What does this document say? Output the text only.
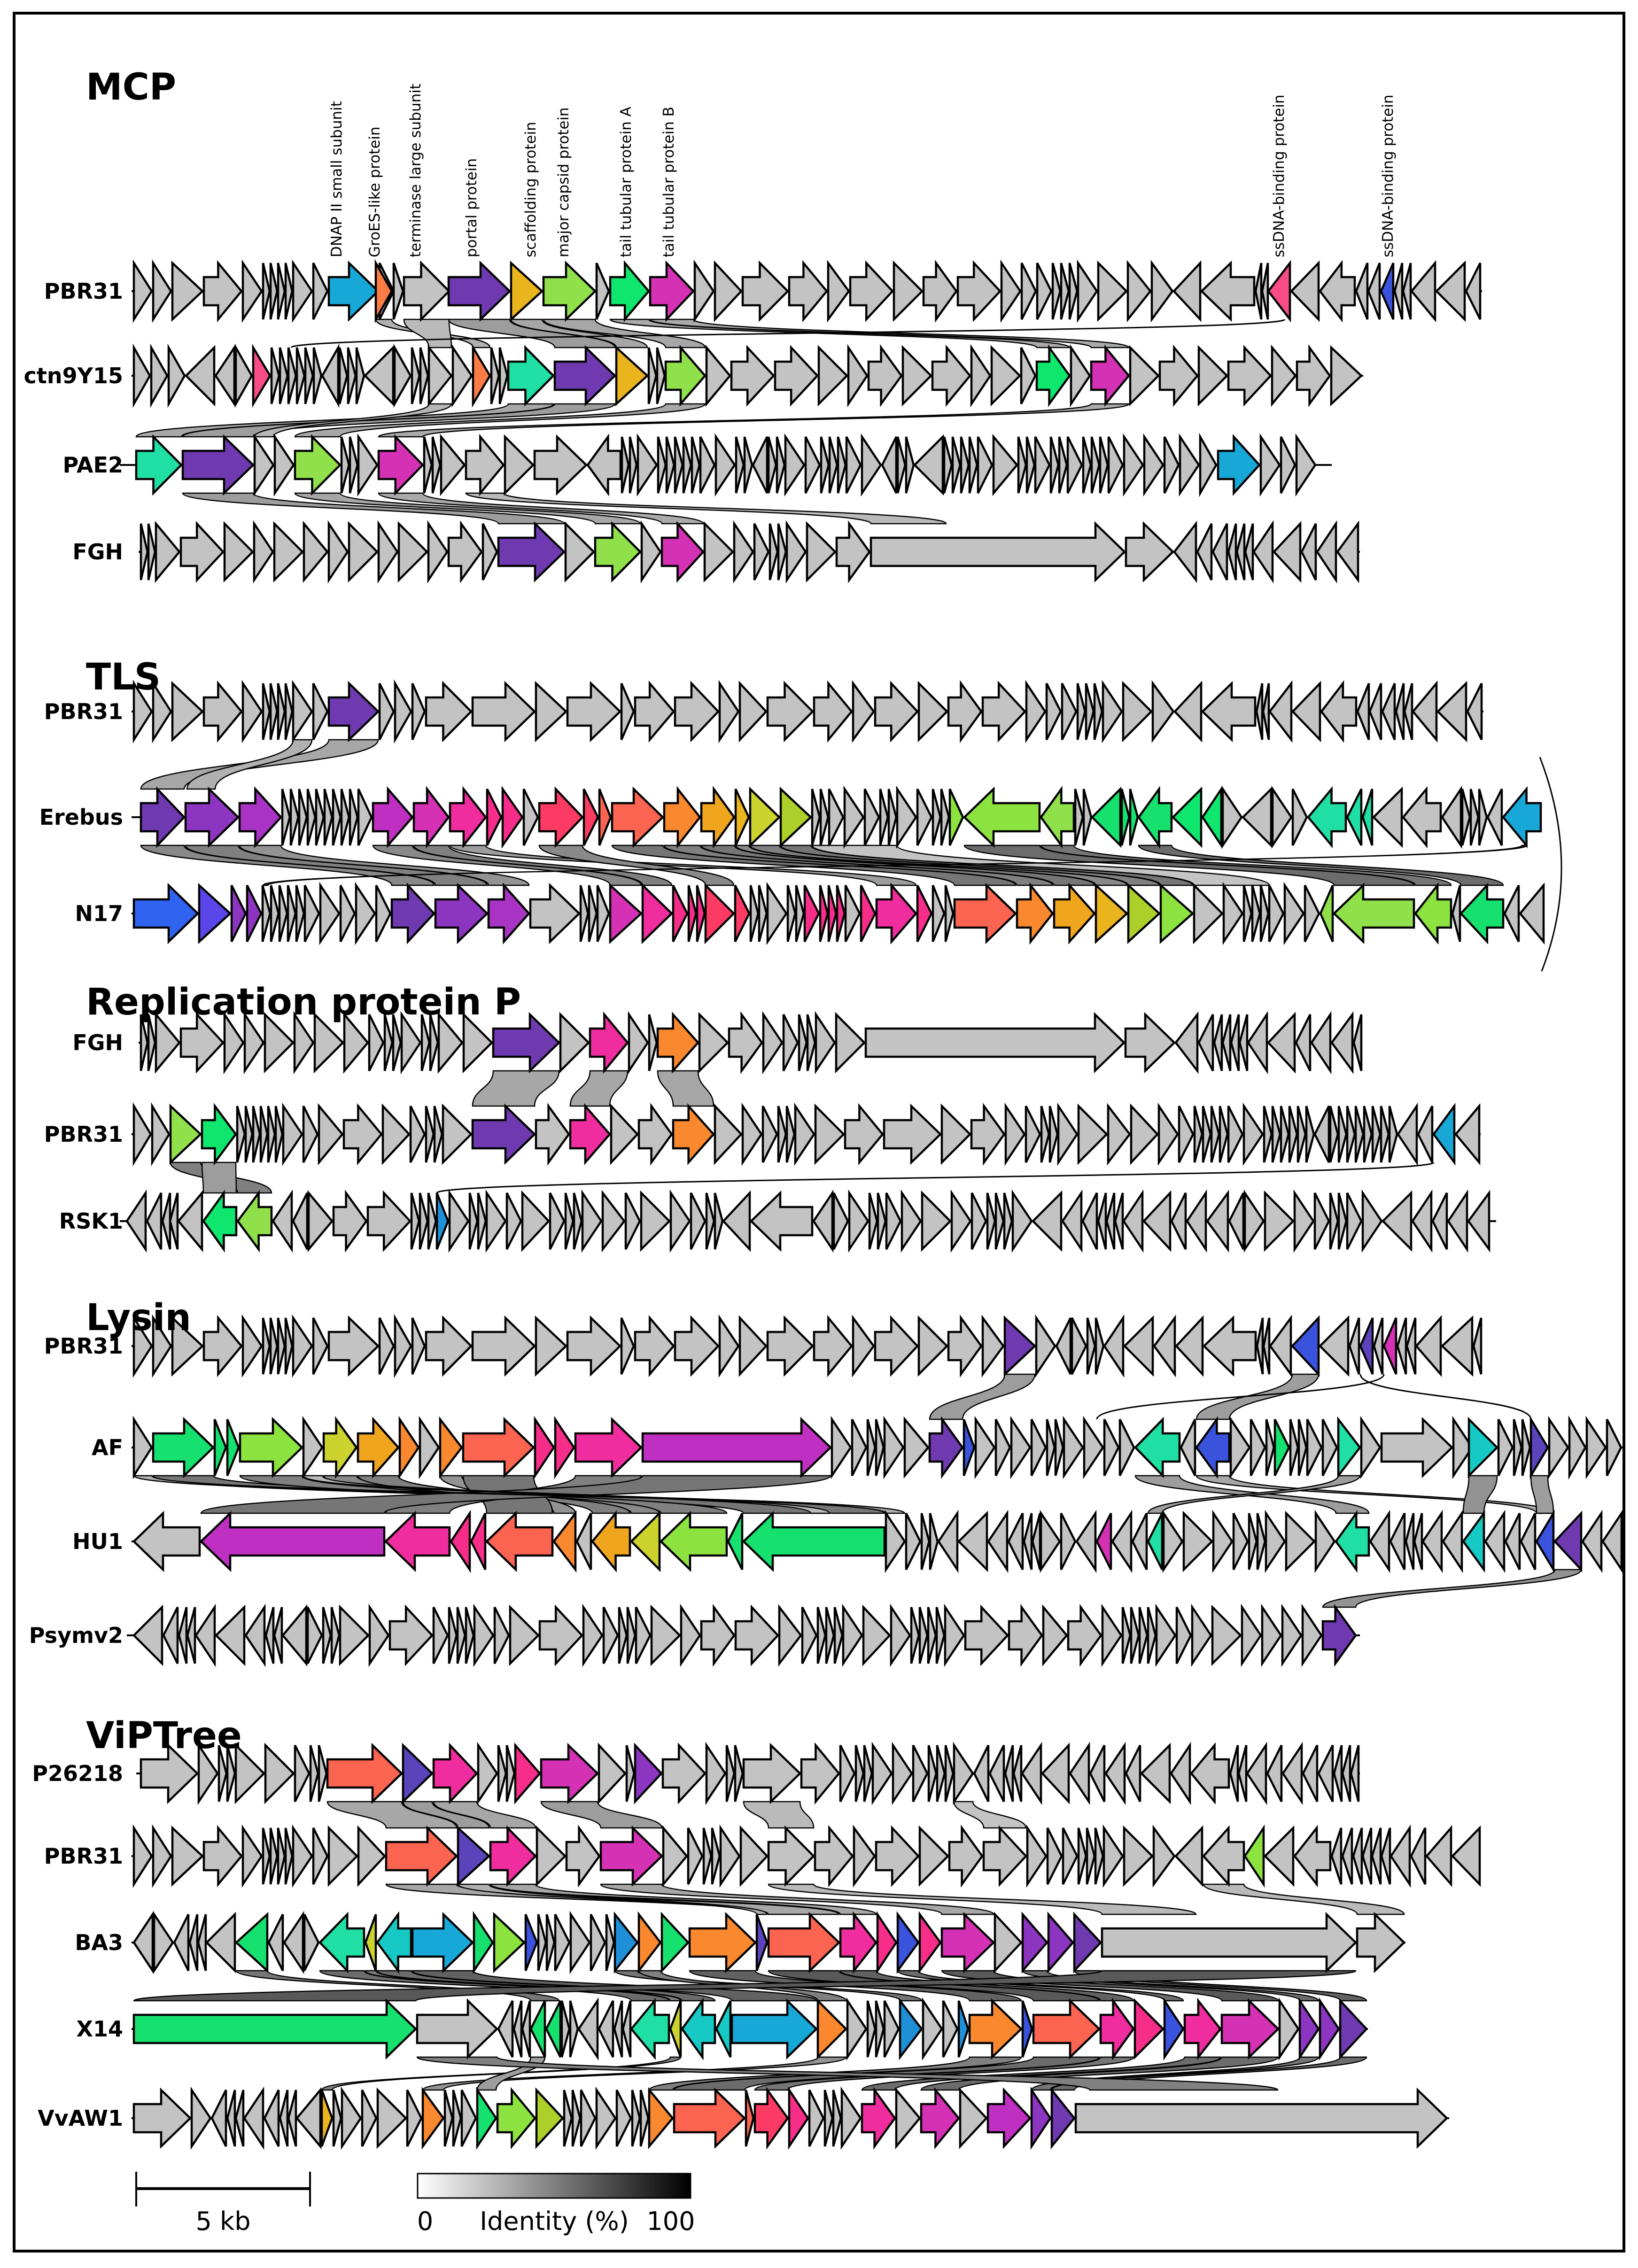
PBR31
ctn9Y15
PAE2
FGH
DNAP II small subunit GroES-like protein terminase large subunit	portal protein	scaffolding protein major capsid protein	tail tubular protein A tail tubular protein B	ssDNA-binding protein	ssDNA-binding protein
MCP
PBR31
Erebus
N17
TLS
FGH
PBR31
RSK1
Replication protein P
PBR31
AF
HU1
Psymv2
Lysin
P26218
PBR31
BA3
X14
VvAW1
ViPTree
5 kb	0 Identity (%) 100
